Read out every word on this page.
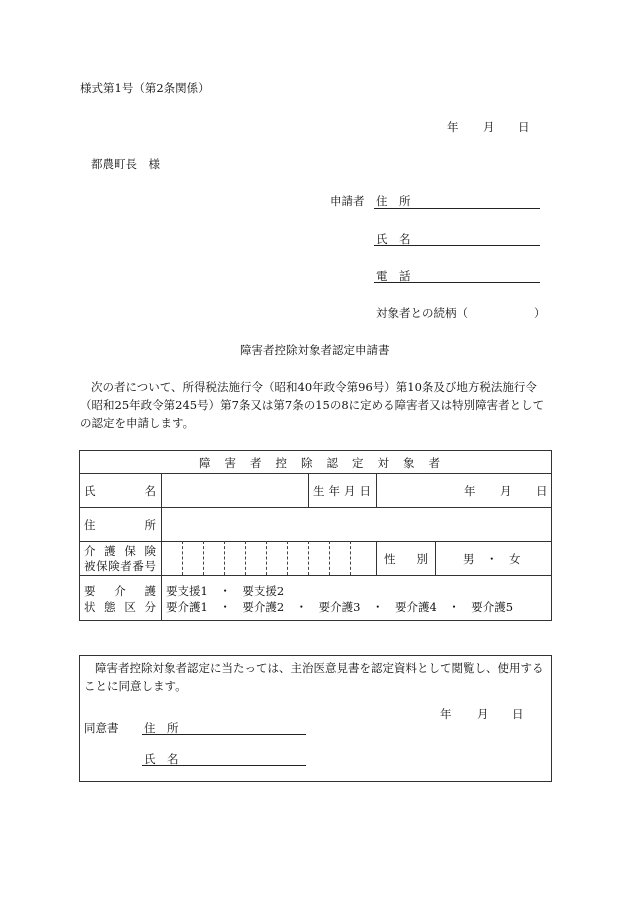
様式第1号（第2条関係）
年 月 日
都農町長　様
申請者 住　所
氏　名
電　話
対象者との続柄（	）
障害者控除対象者認定申請書
次の者について、所得税法施行令（昭和40年政令第96号）第10条及び地方税法施行令（昭和25年政令第245号）第7条又は第7条の15の8に定める障害者又は特別障害者としての認定を申請します。
障害者控除認定対象者
氏名	生年月日	年 月 日
住所
介護保険
被保険者番号	性別	男　・　女
要介護
状態区分
要支援1　・　要支援2
要介護1　・　要介護2　・　要介護3　・　要介護4　・　要介護5
障害者控除対象者認定に当たっては、主治医意見書を認定資料として閲覧し、使用することに同意します。
年 月 日
同意書 住　所
氏　名
